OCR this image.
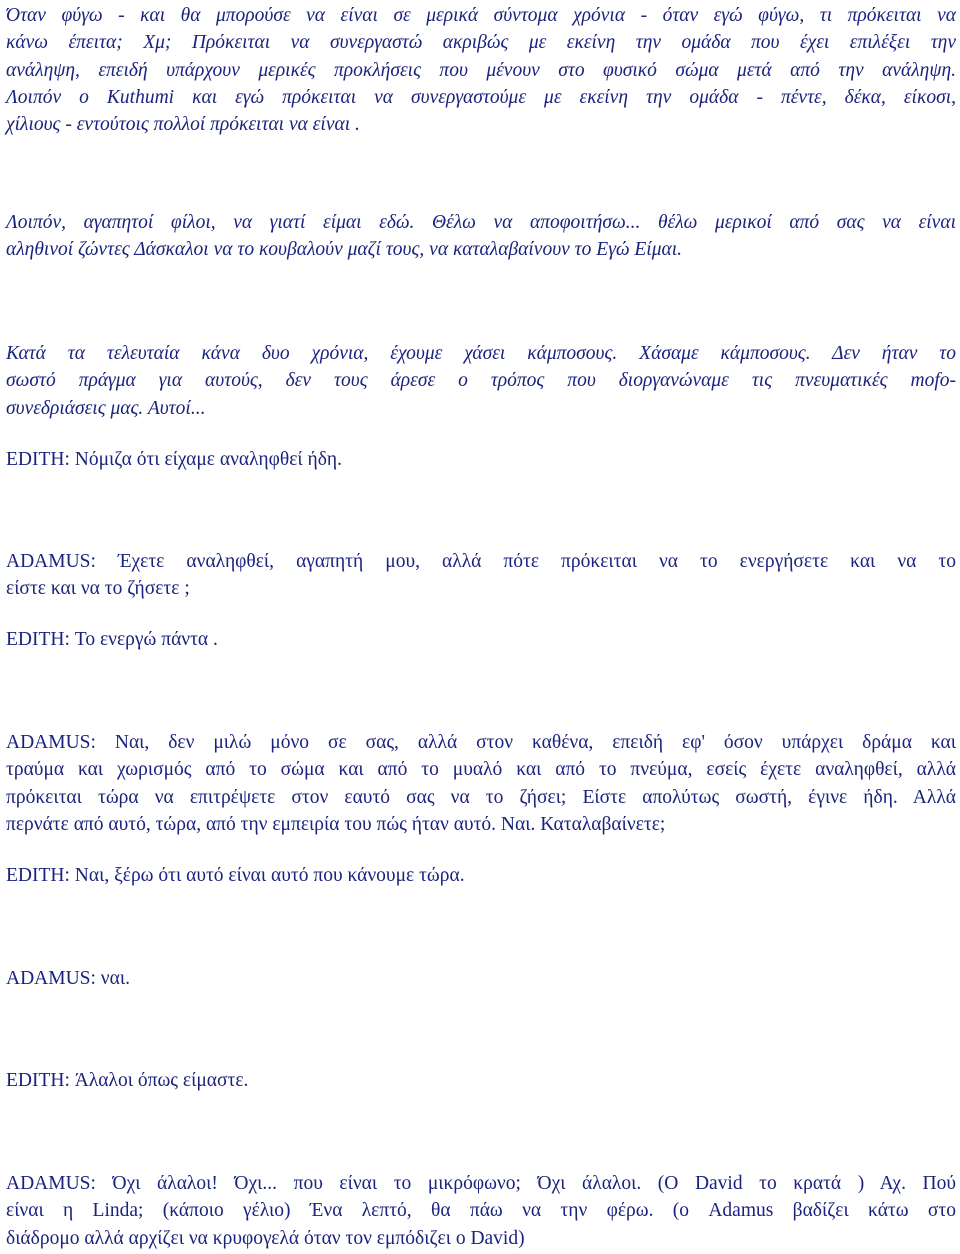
Όταν φύγω - και θα μπορούσε να είναι σε μερικά σύντομα χρόνια - όταν εγώ φύγω, τι πρόκειται να
κάνω έπειτα; Χμ; Πρόκειται να συνεργαστώ ακριβώς με εκείνη την ομάδα που έχει επιλέξει την
ανάληψη, επειδή υπάρχουν μερικές προκλήσεις που μένουν στο φυσικό σώμα μετά από την ανάληψη.
Λοιπόν ο Kuthumi και εγώ πρόκειται να συνεργαστούμε με εκείνη την ομάδα - πέντε, δέκα, είκοσι,
χίλιους - εντούτοις πολλοί πρόκειται να είναι .

Λοιπόν, αγαπητοί φίλοι, να γιατί είμαι εδώ. Θέλω να αποφοιτήσω... θέλω μερικοί από σας να είναι
αληθινοί ζώντες Δάσκαλοι να το κουβαλούν μαζί τους, να καταλαβαίνουν το Εγώ Είμαι.

Κατά τα τελευταία κάνα δυο χρόνια, έχουμε χάσει κάμποσους. Χάσαμε κάμποσους. Δεν ήταν το
σωστό πράγμα για αυτούς, δεν τους άρεσε ο τρόπος που διοργανώναμε τις πνευματικές mofo-
συνεδριάσεις μας. Αυτοί...

EDITH: Νόμιζα ότι είχαμε αναληφθεί ήδη.

ADAMUS: Έχετε αναληφθεί, αγαπητή μου, αλλά πότε πρόκειται να το ενεργήσετε και να το
είστε και να το ζήσετε ;

EDITH: Το ενεργώ πάντα .

ADAMUS: Ναι, δεν μιλώ μόνο σε σας, αλλά στον καθένα, επειδή εφ' όσον υπάρχει δράμα και
τραύμα και χωρισμός από το σώμα και από το μυαλό και από το πνεύμα, εσείς έχετε αναληφθεί, αλλά
πρόκειται τώρα να επιτρέψετε στον εαυτό σας να το ζήσει; Είστε απολύτως σωστή, έγινε ήδη. Αλλά
περνάτε από αυτό, τώρα, από την εμπειρία του πώς ήταν αυτό. Ναι. Καταλαβαίνετε;

EDITH: Ναι, ξέρω ότι αυτό είναι αυτό που κάνουμε τώρα.

ADAMUS: ναι.

EDITH: Άλαλοι όπως είμαστε.

ADAMUS: Όχι άλαλοι! Όχι... που είναι το μικρόφωνο; Όχι άλαλοι. (O David το κρατά ) Αχ. Πού
είναι η Linda; (κάποιο γέλιο) Ένα λεπτό, θα πάω να την φέρω. (ο Adamus βαδίζει κάτω στο
διάδρομο αλλά αρχίζει να κρυφογελά όταν τον εμπόδιζει ο David)
